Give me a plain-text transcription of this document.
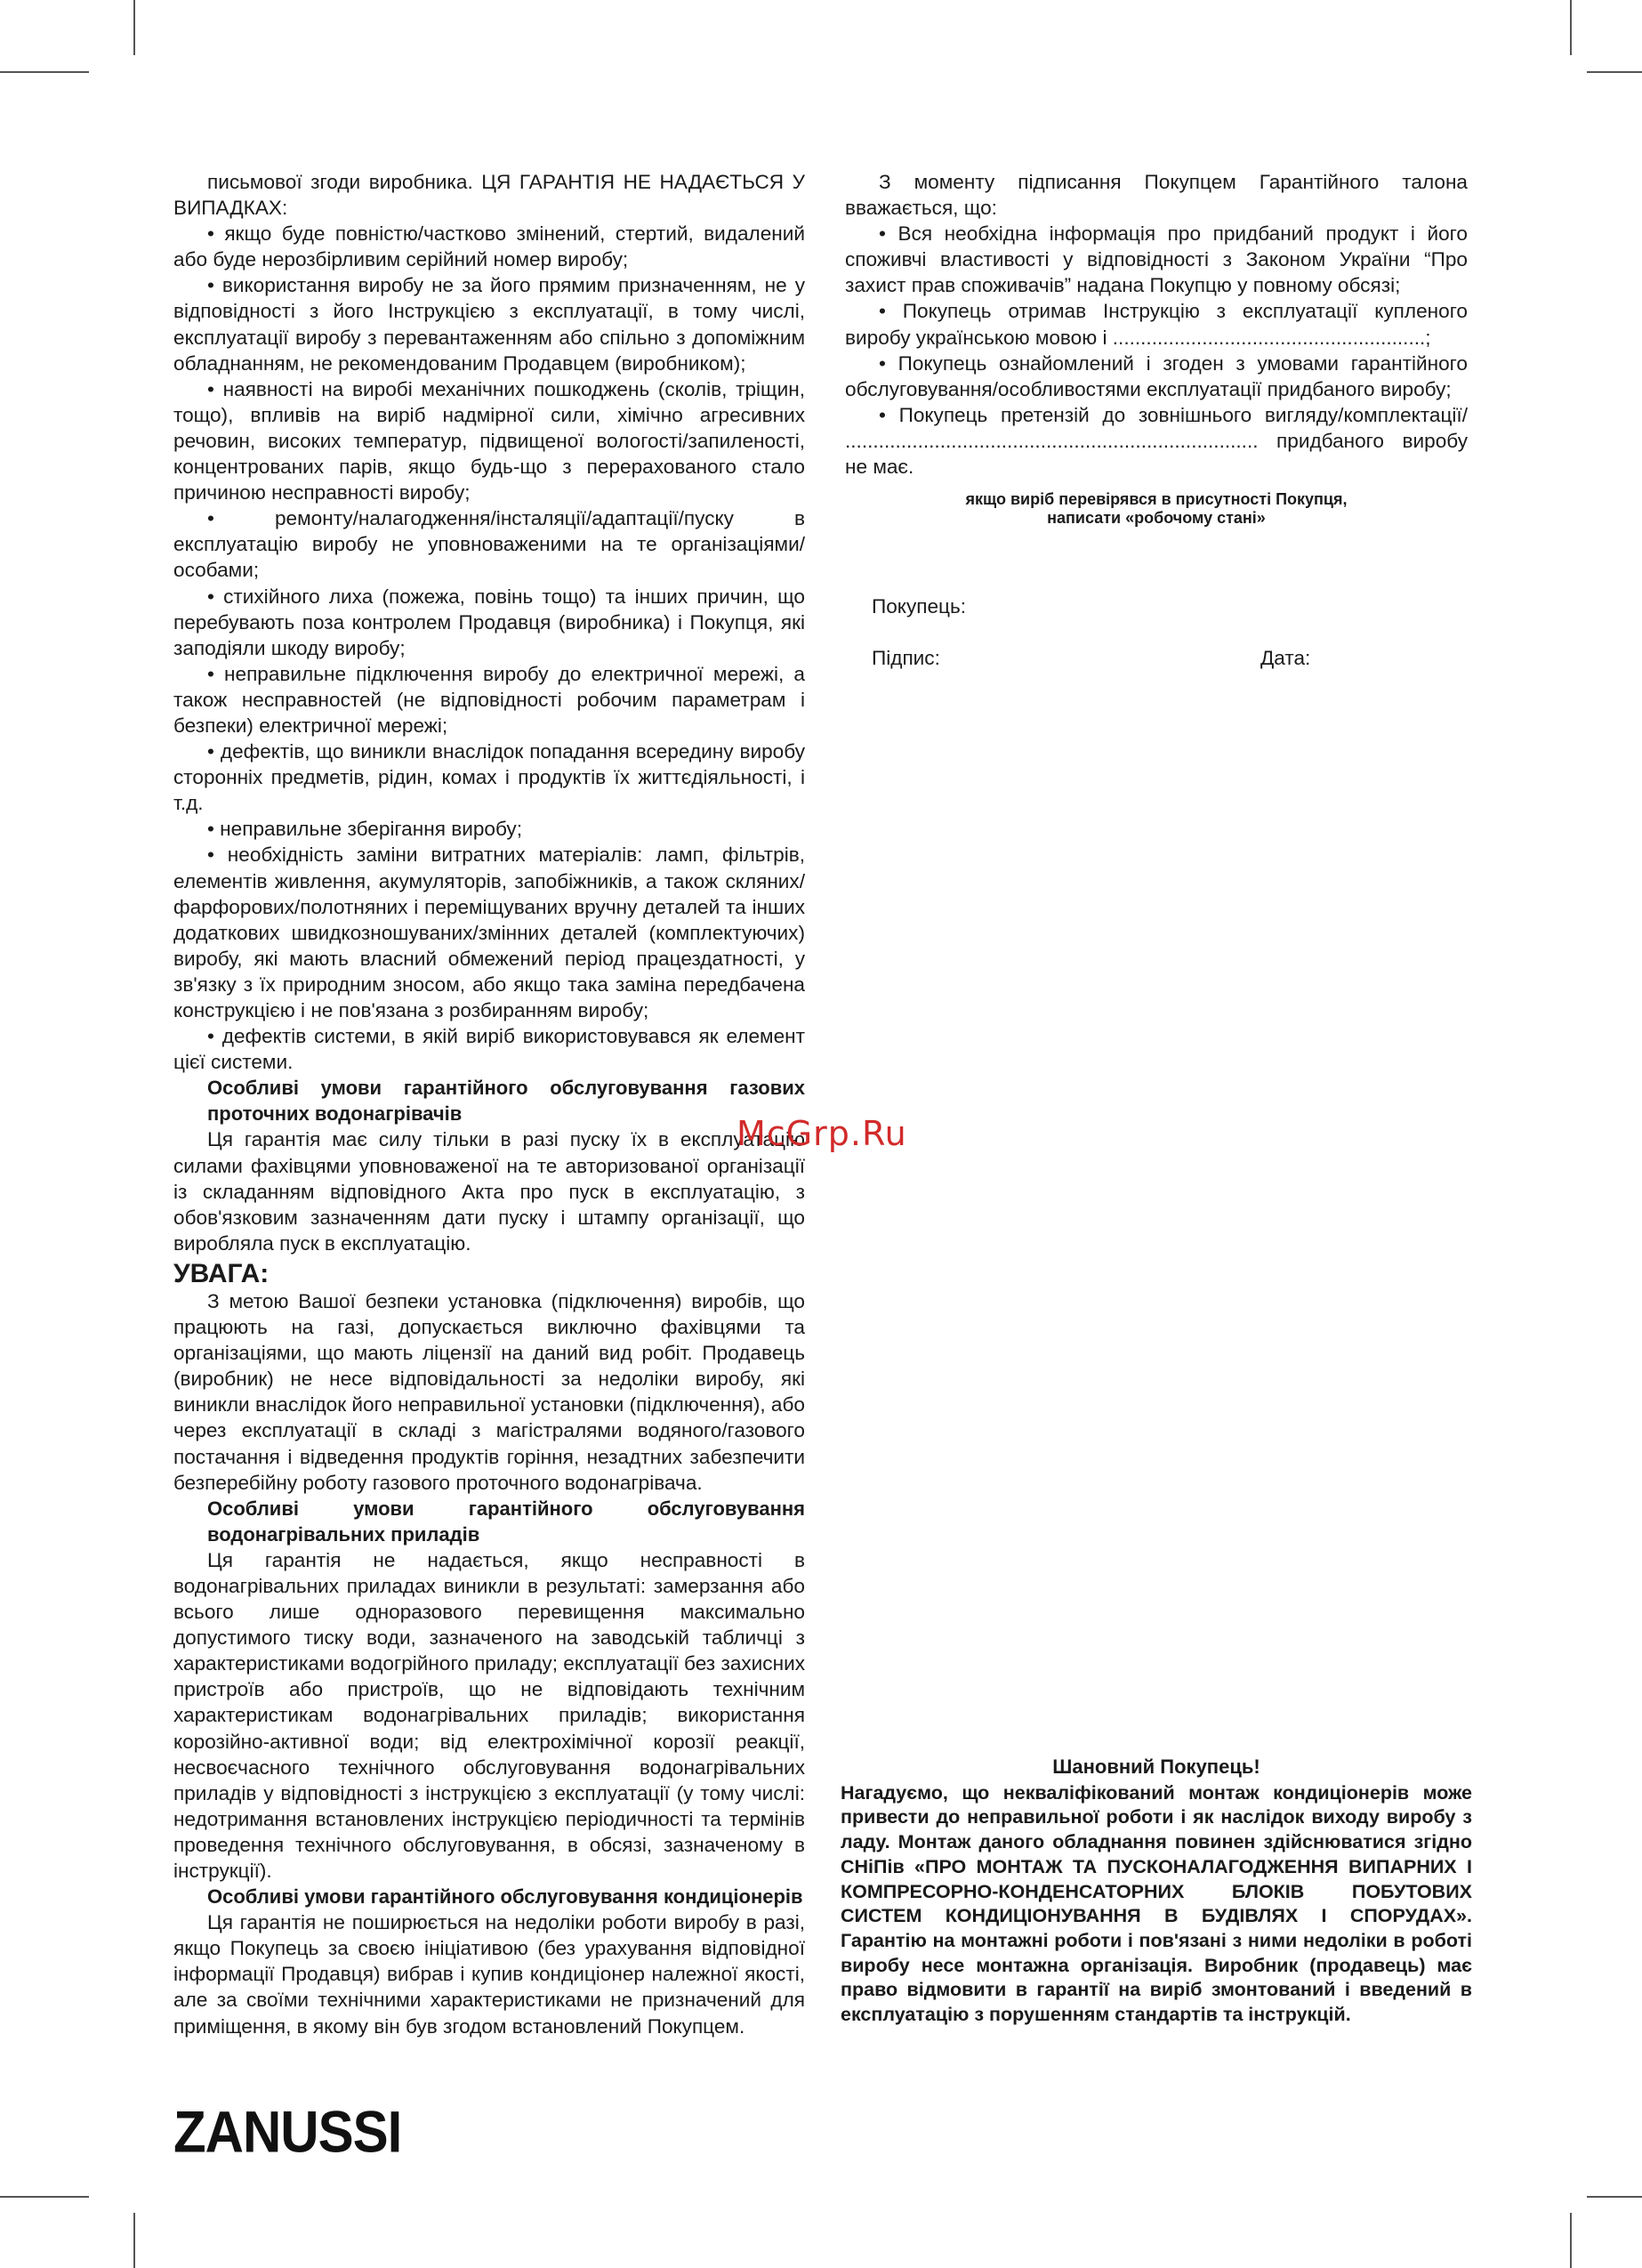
письмової згоди виробника. ЦЯ ГАРАНТІЯ НЕ НАДАЄТЬСЯ У ВИПАДКАХ:

• якщо буде повністю/частково змінений, стертий, видалений або буде нерозбірливим серійний номер виробу;

• використання виробу не за його прямим призначенням, не у відповідності з його Інструкцією з експлуатації, в тому числі, експлуатації виробу з перевантаженням або спільно з допоміжним обладнанням, не рекомендованим Продавцем (виробником);

• наявності на виробі механічних пошкоджень (сколів, тріщин, тощо), впливів на виріб надмірної сили, хімічно агресивних речовин, високих температур, підвищеної вологості/запиленості, концентрованих парів, якщо будь-що з перерахованого стало причиною несправності виробу;

• ремонту/налагодження/інсталяції/адаптації/пуску в експлуатацію виробу не уповноваженими на те організаціями/особами;

• стихійного лиха (пожежа, повінь тощо) та інших причин, що перебувають поза контролем Продавця (виробника) і Покупця, які заподіяли шкоду виробу;

• неправильне підключення виробу до електричної мережі, а також несправностей (не відповідності робочим параметрам і безпеки) електричної мережі;

• дефектів, що виникли внаслідок попадання всередину виробу сторонніх предметів, рідин, комах і продуктів їх життєдіяльності, і т.д.

• неправильне зберігання виробу;

• необхідність заміни витратних матеріалів: ламп, фільтрів, елементів живлення, акумуляторів, запобіжників, а також скляних/фарфорових/полотняних і переміщуваних вручну деталей та інших додаткових швидкозношуваних/змінних деталей (комплектуючих) виробу, які мають власний обмежений період працездатності, у зв'язку з їх природним зносом, або якщо така заміна передбачена конструкцією і не пов'язана з розбиранням виробу;

• дефектів системи, в якій виріб використовувався як елемент цієї системи.

Особливі умови гарантійного обслуговування газових проточних водонагрівачів

Ця гарантія має силу тільки в разі пуску їх в експлуатацію силами фахівцями уповноваженої на те авторизованої організації із складанням відповідного Акта про пуск в експлуатацію, з обов'язковим зазначенням дати пуску і штампу організації, що виробляла пуск в експлуатацію.

УВАГА:

З метою Вашої безпеки установка (підключення) виробів, що працюють на газі, допускається виключно фахівцями та організаціями, що мають ліцензії на даний вид робіт. Продавець (виробник) не несе відповідальності за недоліки виробу, які виникли внаслідок його неправильної установки (підключення), або через експлуатації в складі з магістралями водяного/газового постачання і відведення продуктів горіння, незадтних забезпечити безперебійну роботу газового проточного водонагрівача.

Особливі умови гарантійного обслуговування водонагрівальних приладів

Ця гарантія не надається, якщо несправності в водонагрівальних приладах виникли в результаті: замерзання або всього лише одноразового перевищення максимально допустимого тиску води, зазначеного на заводській табличці з характеристиками водогрійного приладу; експлуатації без захисних пристроїв або пристроїв, що не відповідають технічним характеристикам водонагрівальних приладів; використання корозійно-активної води; від електрохімічної корозії реакції, несвоєчасного технічного обслуговування водонагрівальних приладів у відповідності з інструкцією з експлуатації (у тому числі: недотримання встановлених інструкцією періодичності та термінів проведення технічного обслуговування, в обсязі, зазначеному в інструкції).

Особливі умови гарантійного обслуговування кондиціонерів

Ця гарантія не поширюється на недоліки роботи виробу в разі, якщо Покупець за своєю ініціативою (без урахування відповідної інформації Продавця) вибрав і купив кондиціонер належної якості, але за своїми технічними характеристиками не призначений для приміщення, в якому він був згодом встановлений Покупцем.

З моменту підписання Покупцем Гарантійного талона вважається, що:

• Вся необхідна інформація про придбаний продукт і його споживчі властивості у відповідності з Законом України “Про захист прав споживачів” надана Покупцю у повному обсязі;

• Покупець отримав Інструкцію з експлуатації купленого виробу українською мовою і ........................................................;

• Покупець ознайомлений і згоден з умовами гарантійного обслуговування/особливостями експлуатації придбаного виробу;

• Покупець претензій до зовнішнього вигляду/комплектації/ .......................................................................... придбаного виробу не має.

якщо виріб перевірявся в присутності Покупця,
написати «робочому стані»

Покупець:
Підпис:	Дата:

Шановний Покупець!

Нагадуємо, що некваліфікований монтаж кондиціонерів може привести до неправильної роботи і як наслідок виходу виробу з ладу. Монтаж даного обладнання повинен здійснюватися згідно СНіПів «ПРО МОНТАЖ ТА ПУСКОНАЛАГОДЖЕННЯ ВИПАРНИХ І КОМПРЕСОРНО-КОНДЕНСАТОРНИХ БЛОКІВ ПОБУТОВИХ СИСТЕМ КОНДИЦІОНУВАННЯ В БУДІВЛЯХ І СПОРУДАХ». Гарантію на монтажні роботи і пов'язані з ними недоліки в роботі виробу несе монтажна організація. Виробник (продавець) має право відмовити в гарантії на виріб змонтований і введений в експлуатацію з порушенням стандартів та інструкцій.

McGrp.Ru
ZANUSSI
